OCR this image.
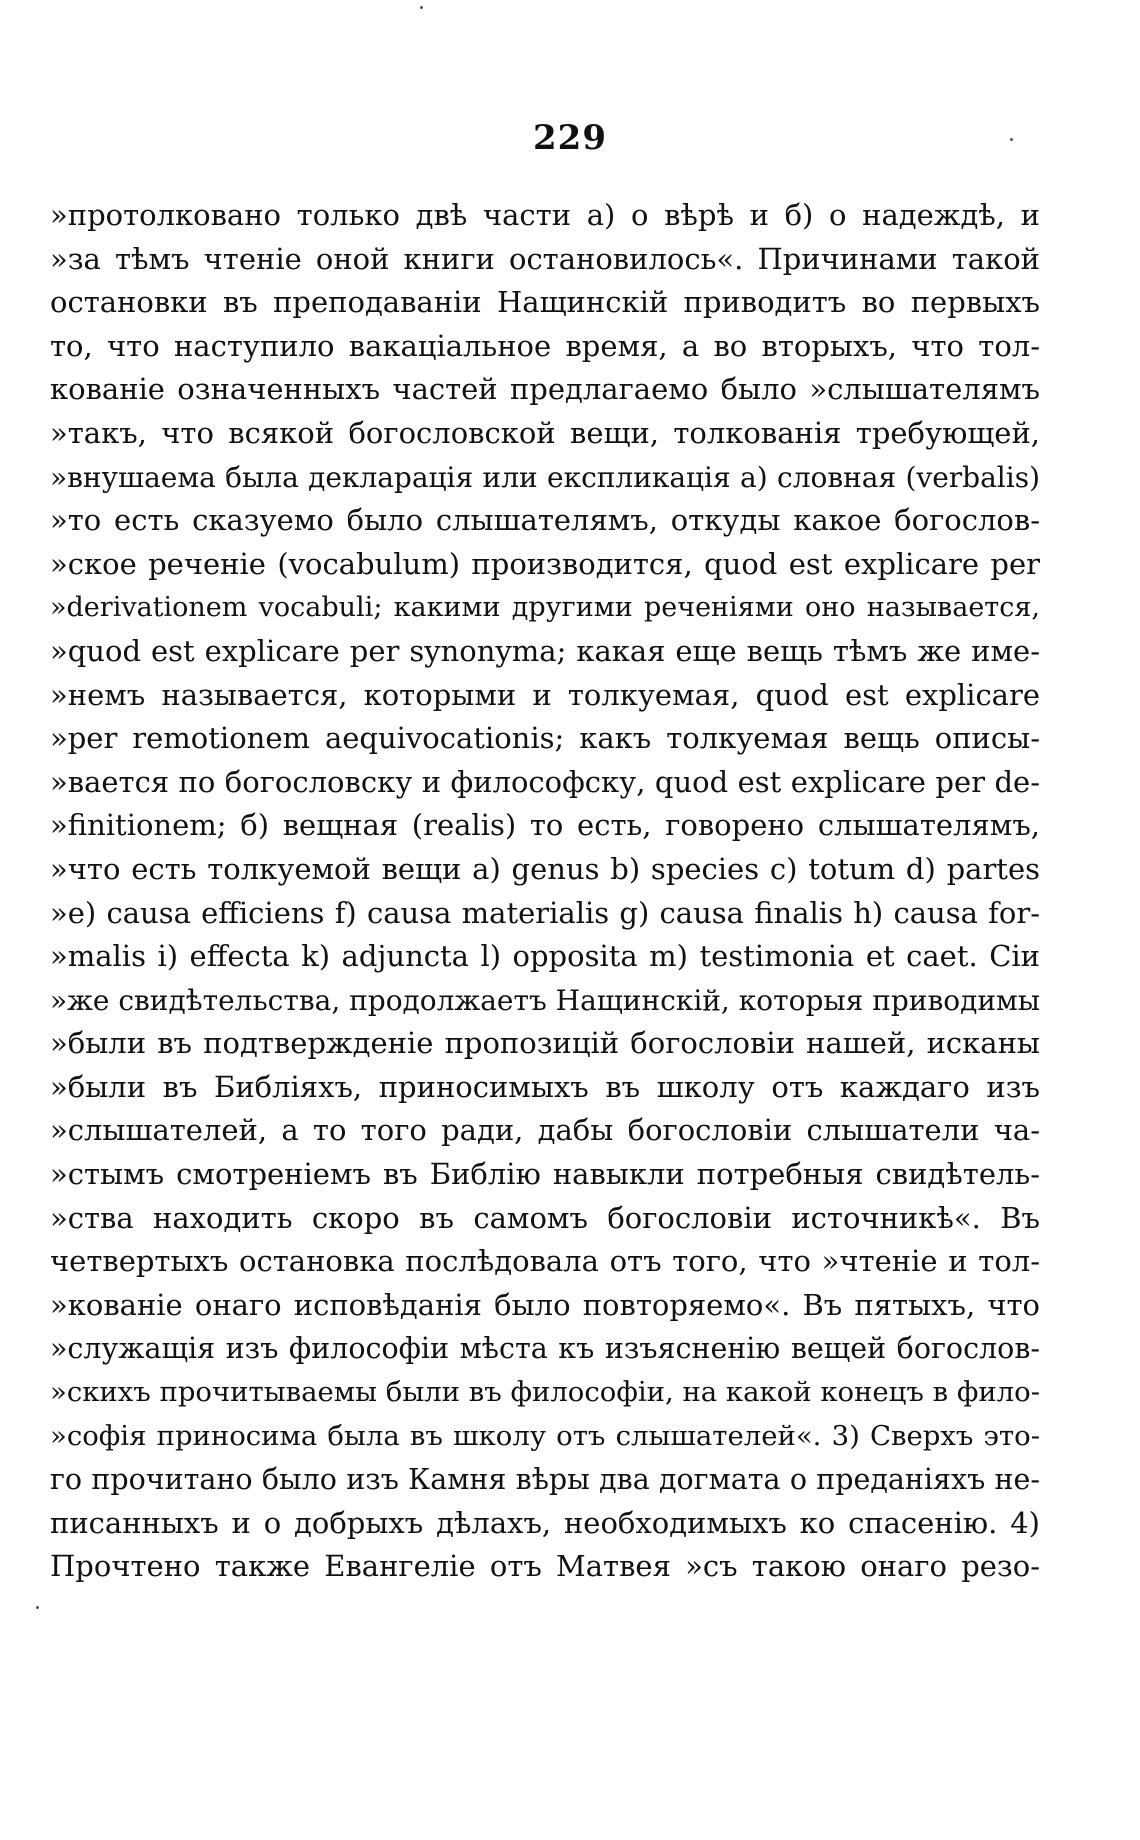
229
»протолковано только двѣ части а) о вѣрѣ и б) о надеждѣ, и
»за тѣмъ чтеніе оной книги остановилось«. Причинами такой
остановки въ преподаваніи Нащинскій приводитъ во первыхъ
то, что наступило вакаціальное время, а во вторыхъ, что тол-
кованіе означенныхъ частей предлагаемо было »слышателямъ
»такъ, что всякой богословской вещи, толкованія требующей,
»внушаема была декларація или експликація а) словная (verbalis)
»то есть сказуемо было слышателямъ, откуды какое богослов-
»ское реченіе (vocabulum) производится, quod est explicare per
»derivationem vocabuli; какими другими реченіями оно называется,
»quod est explicare per synonyma; какая еще вещь тѣмъ же име-
»немъ называется, которыми и толкуемая, quod est explicare
»per remotionem aequivocationis; какъ толкуемая вещь описы-
»вается по богословску и философску, quod est explicare per de-
»finitionem; б) вещная (realis) то есть, говорено слышателямъ,
»что есть толкуемой вещи а) genus b) species c) totum d) partes
»e) causa efficiens f) causa materialis g) causa finalis h) causa for-
»malis i) effecta k) adjuncta l) opposita m) testimonia et caet. Сіи
»же свидѣтельства, продолжаетъ Нащинскій, которыя приводимы
»были въ подтвержденіе пропозицій богословіи нашей, исканы
»были въ Библіяхъ, приносимыхъ въ школу отъ каждаго изъ
»слышателей, а то того ради, дабы богословіи слышатели ча-
»стымъ смотреніемъ въ Библію навыкли потребныя свидѣтель-
»ства находить скоро въ самомъ богословіи источникѣ«. Въ
четвертыхъ остановка послѣдовала отъ того, что »чтеніе и тол-
»кованіе онаго исповѣданія было повторяемо«. Въ пятыхъ, что
»служащія изъ философіи мѣста къ изъясненію вещей богослов-
»скихъ прочитываемы были въ философіи, на какой конецъ в фило-
»софія приносима была въ школу отъ слышателей«. 3) Сверхъ это-
го прочитано было изъ Камня вѣры два догмата о преданіяхъ не-
писанныхъ и о добрыхъ дѣлахъ, необходимыхъ ко спасенію. 4)
Прочтено также Евангеліе отъ Матвея »съ такою онаго резо-
